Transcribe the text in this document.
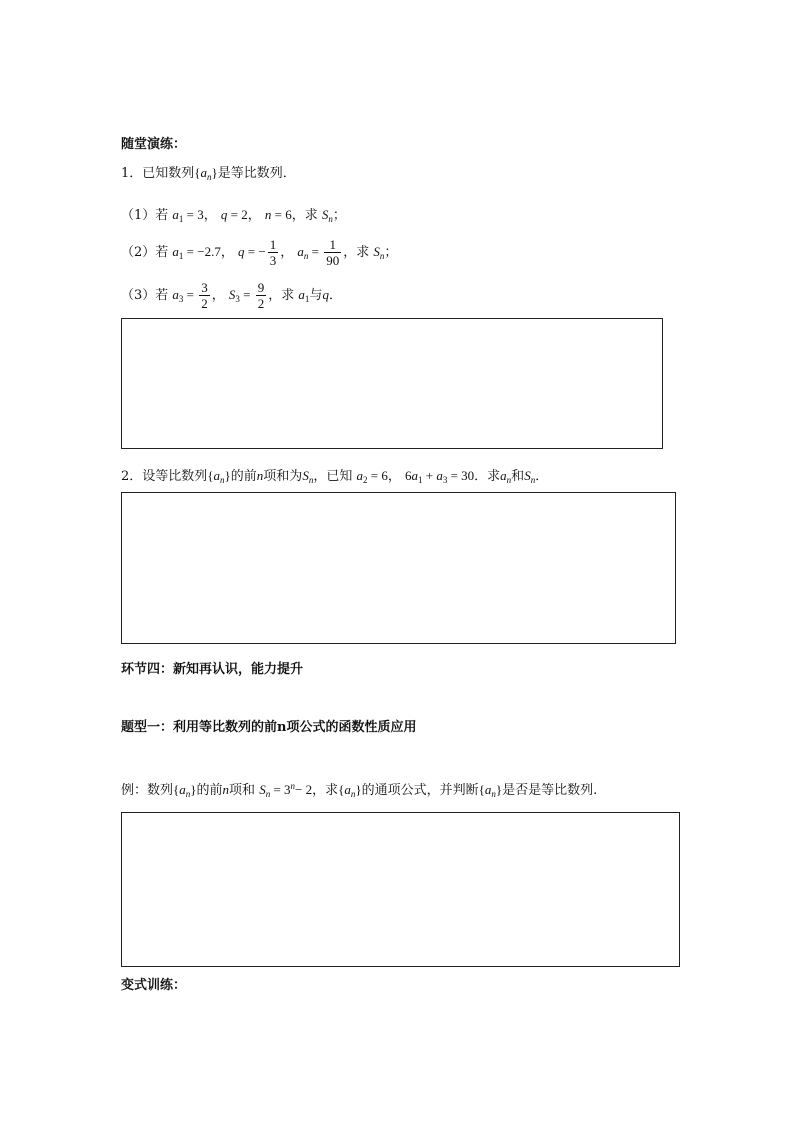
随堂演练：
1．已知数列$\{a_n\}$是等比数列．
（1）若 $a_1 = 3$， q = 2， n = 6，求 $S_n$；
（2）若 $a_1 = -2.7$， q = − $\frac{1}{3}$ ， $a_n = \frac{1}{90}$ ，求 $S_n$；
（3）若 $a_3 = \frac{3}{2}$ ， $S_3 = \frac{9}{2}$ ，求 $a_1$与q．
2．设等比数列$\{a_n\}$的前n项和为$S_n$，已知 $a_2 = 6$， $6a_1 + a_3 = 30$．求$a_n$和$S_n$．
环节四：新知再认识，能力提升
题型一：利用等比数列的前n项公式的函数性质应用
例：数列$\{a_n\}$的前n项和 $S_n = 3^n- 2$，求$\{a_n\}$的通项公式，并判断$\{a_n\}$是否是等比数列.
变式训练：
